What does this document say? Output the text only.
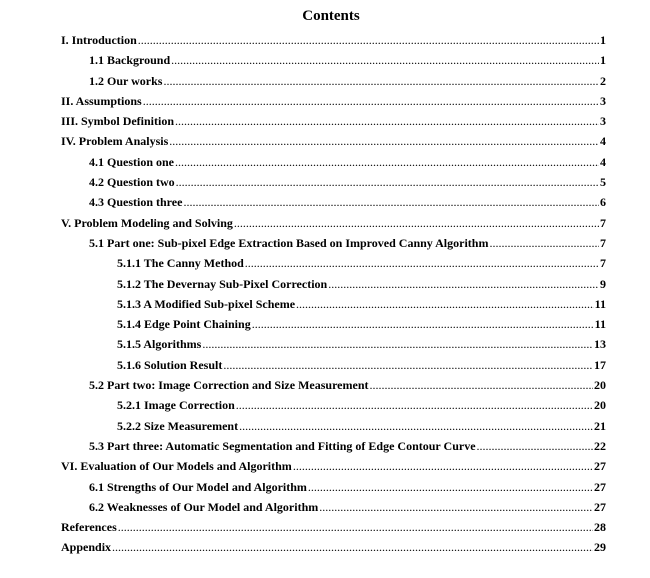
Contents
I. Introduction .....	1
1.1 Background .....	1
1.2 Our works .....	2
II. Assumptions .....	3
III. Symbol Definition .....	3
IV. Problem Analysis .....	4
4.1 Question one .....	4
4.2 Question two .....	5
4.3 Question three .....	6
V. Problem Modeling and Solving .....	7
5.1 Part one: Sub-pixel Edge Extraction Based on Improved Canny Algorithm .....	7
5.1.1 The Canny Method .....	7
5.1.2 The Devernay Sub-Pixel Correction .....	9
5.1.3 A Modified Sub-pixel Scheme .....	11
5.1.4 Edge Point Chaining .....	11
5.1.5 Algorithms .....	13
5.1.6 Solution Result .....	17
5.2 Part two: Image Correction and Size Measurement .....	20
5.2.1 Image Correction .....	20
5.2.2 Size Measurement .....	21
5.3 Part three: Automatic Segmentation and Fitting of Edge Contour Curve .....	22
VI. Evaluation of Our Models and Algorithm .....	27
6.1 Strengths of Our Model and Algorithm .....	27
6.2 Weaknesses of Our Model and Algorithm .....	27
References .....	28
Appendix .....	29
